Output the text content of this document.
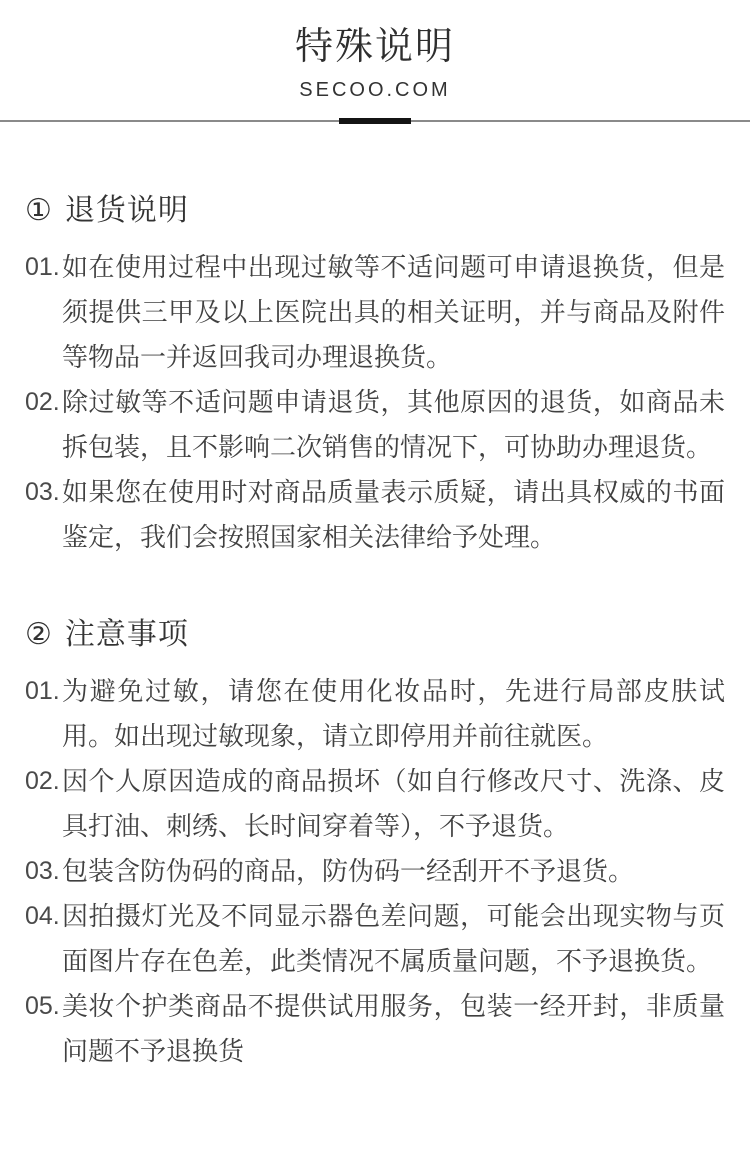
特殊说明
SECOO.COM
① 退货说明
01. 如在使用过程中出现过敏等不适问题可申请退换货，但是须提供三甲及以上医院出具的相关证明，并与商品及附件等物品一并返回我司办理退换货。

02. 除过敏等不适问题申请退货，其他原因的退货，如商品未拆包装，且不影响二次销售的情况下，可协助办理退货。

03. 如果您在使用时对商品质量表示质疑，请出具权威的书面鉴定，我们会按照国家相关法律给予处理。

② 注意事项
01. 为避免过敏，请您在使用化妆品时，先进行局部皮肤试用。如出现过敏现象，请立即停用并前往就医。

02. 因个人原因造成的商品损坏（如自行修改尺寸、洗涤、皮具打油、刺绣、长时间穿着等），不予退货。

03. 包装含防伪码的商品，防伪码一经刮开不予退货。

04. 因拍摄灯光及不同显示器色差问题，可能会出现实物与页面图片存在色差，此类情况不属质量问题，不予退换货。

05. 美妆个护类商品不提供试用服务，包装一经开封，非质量问题不予退换货
